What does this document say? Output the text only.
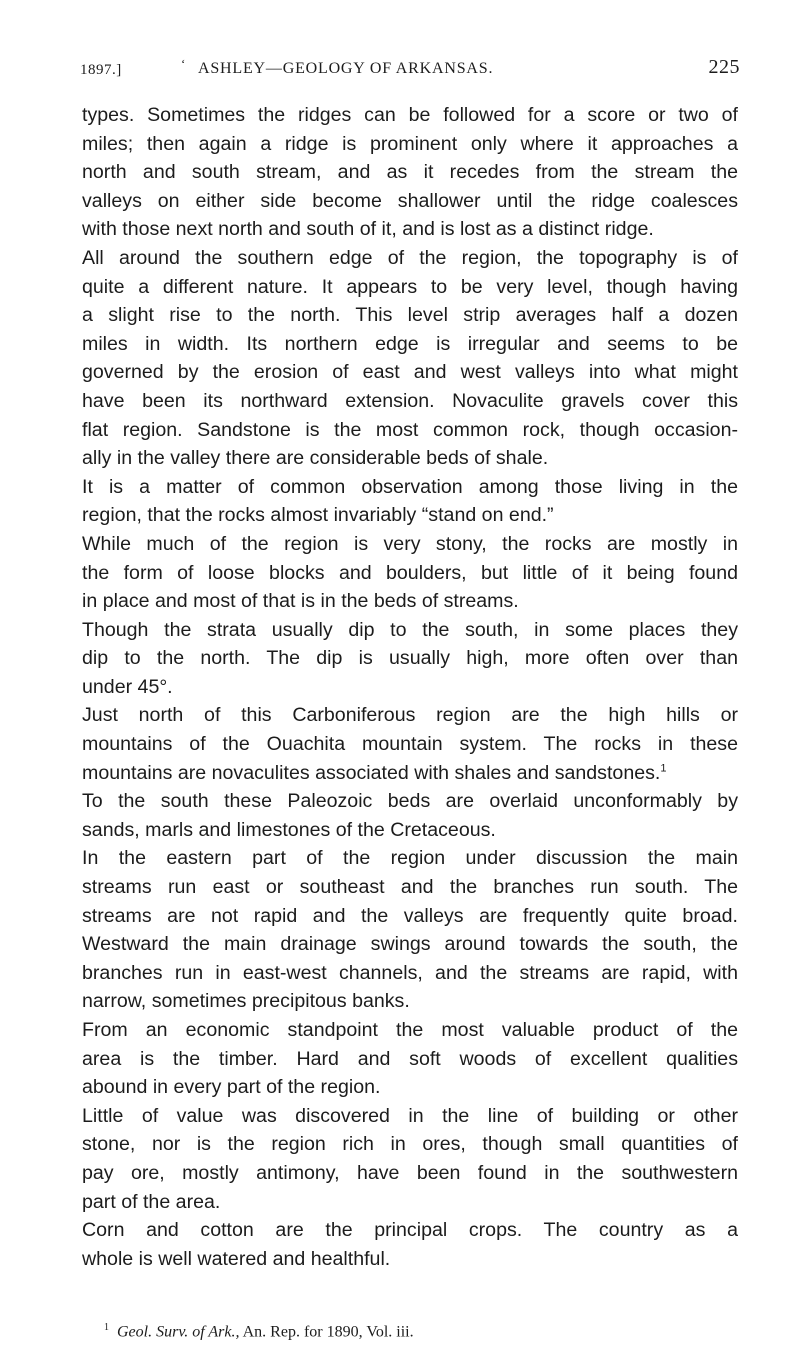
1897.]	‘ ASHLEY—GEOLOGY OF ARKANSAS.	225

types. Sometimes the ridges can be followed for a score or two of

miles; then again a ridge is prominent only where it approaches a

north and south stream, and as it recedes from the stream the

valleys on either side become shallower until the ridge coalesces

with those next north and south of it, and is lost as a distinct ridge.

All around the southern edge of the region, the topography is of

quite a different nature. It appears to be very level, though having

a slight rise to the north. This level strip averages half a dozen

miles in width. Its northern edge is irregular and seems to be

governed by the erosion of east and west valleys into what might

have been its northward extension. Novaculite gravels cover this

flat region. Sandstone is the most common rock, though occasion-

ally in the valley there are considerable beds of shale.

It is a matter of common observation among those living in the

region, that the rocks almost invariably “stand on end.”

While much of the region is very stony, the rocks are mostly in

the form of loose blocks and boulders, but little of it being found

in place and most of that is in the beds of streams.

Though the strata usually dip to the south, in some places they

dip to the north. The dip is usually high, more often over than

under 45°.

Just north of this Carboniferous region are the high hills or

mountains of the Ouachita mountain system. The rocks in these

mountains are novaculites associated with shales and sandstones.$^1$

To the south these Paleozoic beds are overlaid unconformably by

sands, marls and limestones of the Cretaceous.

In the eastern part of the region under discussion the main

streams run east or southeast and the branches run south. The

streams are not rapid and the valleys are frequently quite broad.

Westward the main drainage swings around towards the south, the

branches run in east-west channels, and the streams are rapid, with

narrow, sometimes precipitous banks.

From an economic standpoint the most valuable product of the

area is the timber. Hard and soft woods of excellent qualities

abound in every part of the region.

Little of value was discovered in the line of building or other

stone, nor is the region rich in ores, though small quantities of

pay ore, mostly antimony, have been found in the southwestern

part of the area.

Corn and cotton are the principal crops. The country as a

whole is well watered and healthful.

$^1$ Geol. Surv. of Ark., An. Rep. for 1890, Vol. iii.
